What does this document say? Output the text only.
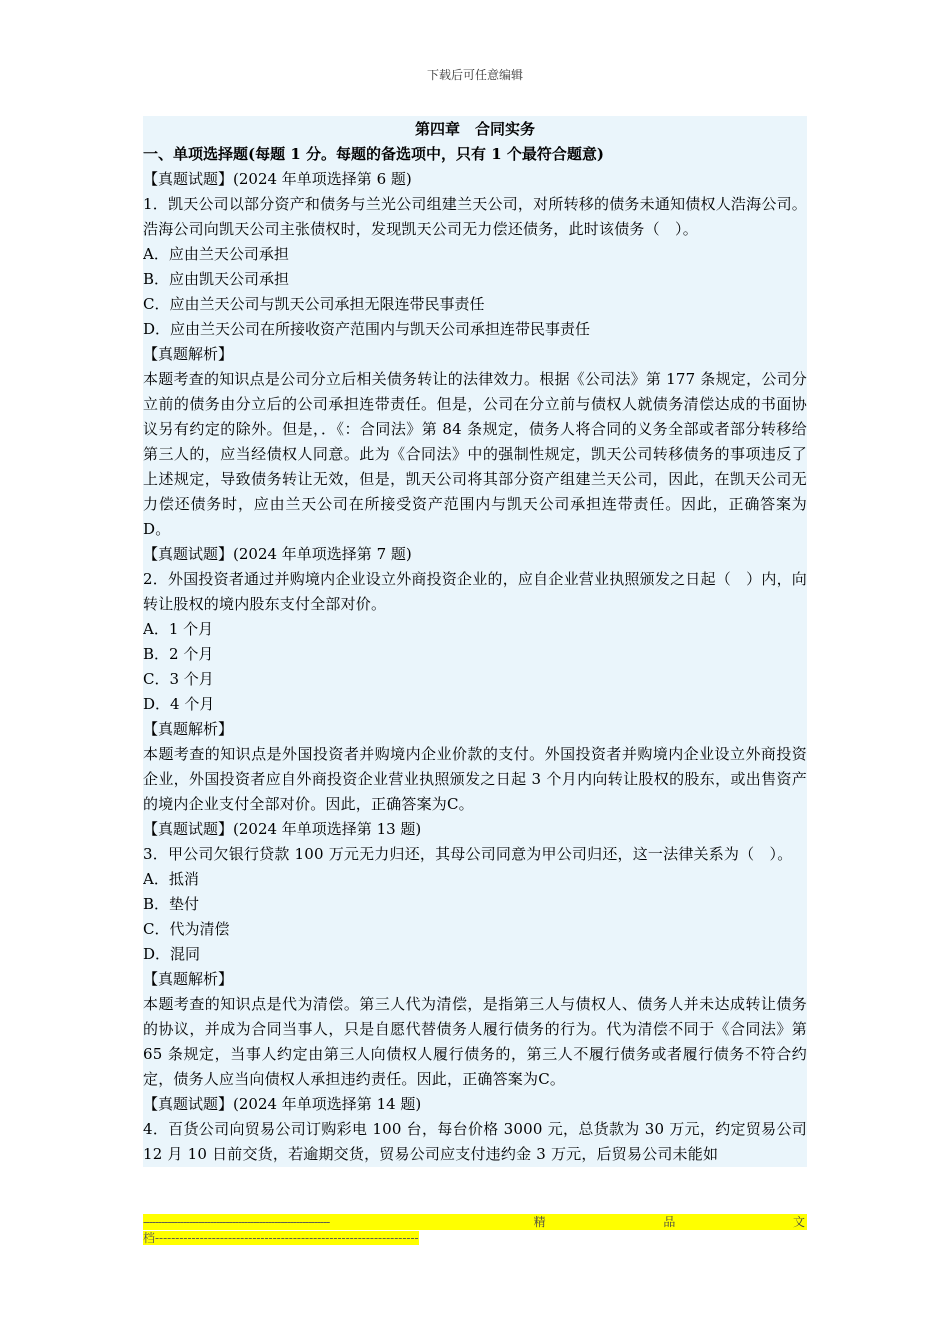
下载后可任意编辑
第四章　合同实务
一、单项选择题(每题 1 分。每题的备选项中，只有 1 个最符合题意)
【真题试题】(2024 年单项选择第 6 题)
1．凯天公司以部分资产和债务与兰光公司组建兰天公司，对所转移的债务未通知债权人浩海公司。浩海公司向凯天公司主张债权时，发现凯天公司无力偿还债务，此时该债务（　）。
A．应由兰天公司承担
B．应由凯天公司承担
C．应由兰天公司与凯天公司承担无限连带民事责任
D．应由兰天公司在所接收资产范围内与凯天公司承担连带民事责任
【真题解析】
本题考查的知识点是公司分立后相关债务转让的法律效力。根据《公司法》第 177 条规定，公司分立前的债务由分立后的公司承担连带责任。但是，公司在分立前与债权人就债务清偿达成的书面协议另有约定的除外。但是，．《：合同法》第 84 条规定，债务人将合同的义务全部或者部分转移给第三人的，应当经债权人同意。此为《合同法》中的强制性规定，凯天公司转移债务的事项违反了上述规定，导致债务转让无效，但是，凯天公司将其部分资产组建兰天公司，因此，在凯天公司无力偿还债务时，应由兰天公司在所接受资产范围内与凯天公司承担连带责任。因此，正确答案为D。
【真题试题】(2024 年单项选择第 7 题)
2．外国投资者通过并购境内企业设立外商投资企业的，应自企业营业执照颁发之日起（　）内，向转让股权的境内股东支付全部对价。
A．1 个月
B．2 个月
C．3 个月
D．4 个月
【真题解析】
本题考查的知识点是外国投资者并购境内企业价款的支付。外国投资者并购境内企业设立外商投资企业，外国投资者应自外商投资企业营业执照颁发之日起 3 个月内向转让股权的股东，或出售资产的境内企业支付全部对价。因此，正确答案为C。
【真题试题】(2024 年单项选择第 13 题)
3．甲公司欠银行贷款 100 万元无力归还，其母公司同意为甲公司归还，这一法律关系为（　）。
A．抵消
B．垫付
C．代为清偿
D．混同
【真题解析】
本题考查的知识点是代为清偿。第三人代为清偿，是指第三人与债权人、债务人并未达成转让债务的协议，并成为合同当事人，只是自愿代替债务人履行债务的行为。代为清偿不同于《合同法》第 65 条规定，当事人约定由第三人向债权人履行债务的，第三人不履行债务或者履行债务不符合约定，债务人应当向债权人承担违约责任。因此，正确答案为C。
【真题试题】(2024 年单项选择第 14 题)
4．百货公司向贸易公司订购彩电 100 台，每台价格 3000 元，总货款为 30 万元，约定贸易公司 12 月 10 日前交货，若逾期交货，贸易公司应支付违约金 3 万元，后贸易公司未能如
-------------------------------------------------------------	精	品	文
档-----------------------------------------------------------------
